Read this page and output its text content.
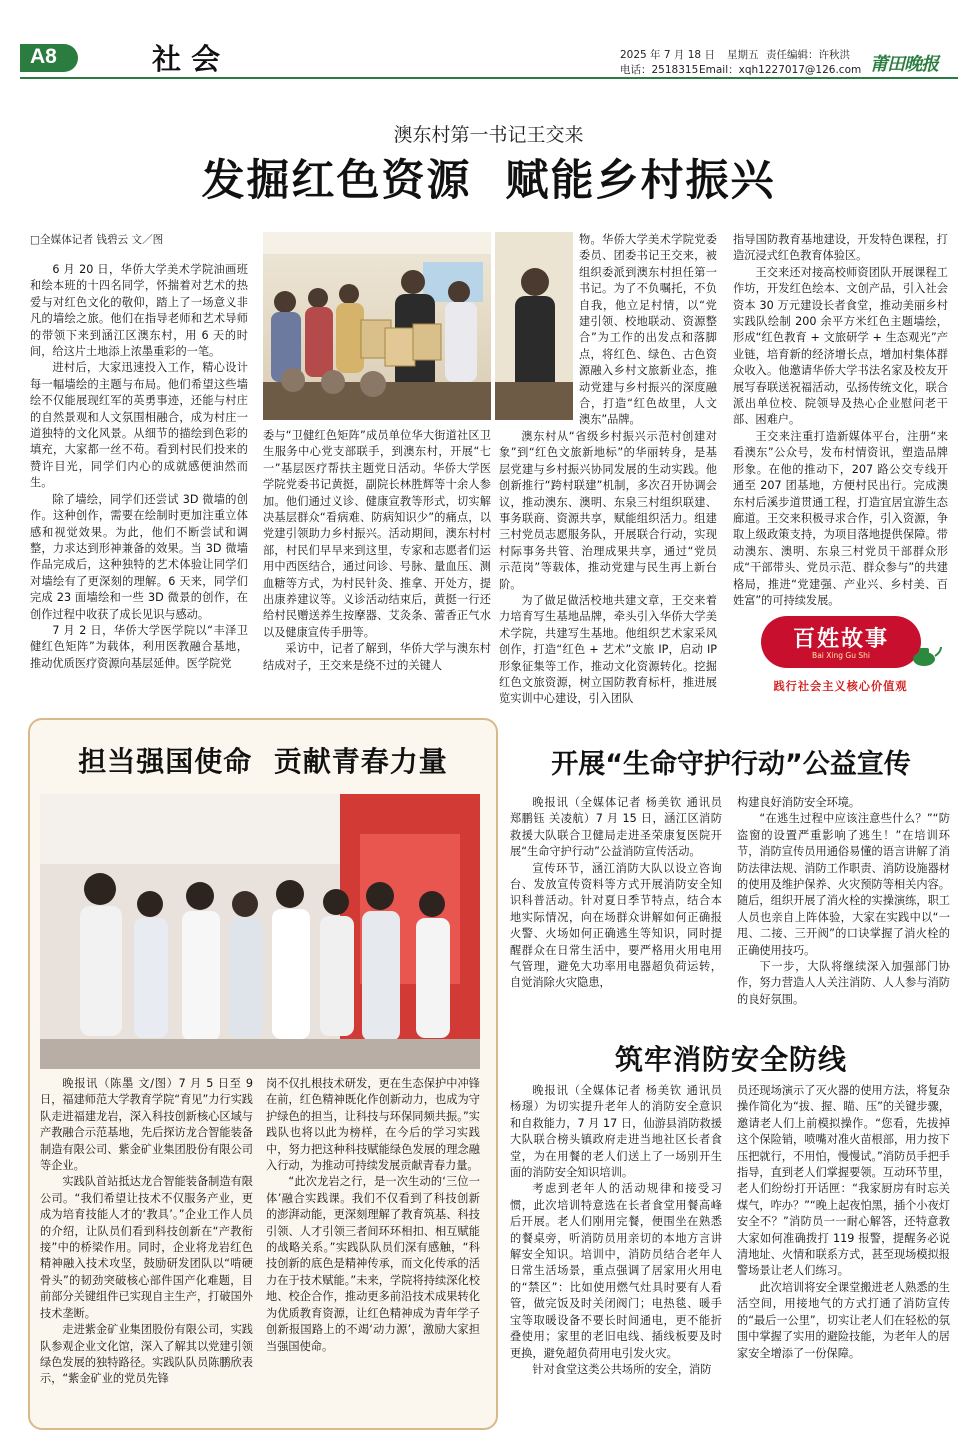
A8	社 会	2025 年 7 月 18 日 星期五 责任编辑：许秋洪
电话：2518315 Email：xqh1227017@126.com 莆田晚报
澳东村第一书记王交来
发掘红色资源  赋能乡村振兴
□全媒体记者 钱碧云 文／图

6 月 20 日，华侨大学美术学院油画班和绘本班的十四名同学，怀揣着对艺术的热爱与对红色文化的敬仰，踏上了一场意义非凡的墙绘之旅。他们在指导老师和艺术导师的带领下来到涵江区澳东村，用 6 天的时间，给这片土地添上浓墨重彩的一笔。

进村后，大家迅速投入工作，精心设计每一幅墙绘的主题与布局。他们希望这些墙绘不仅能展现红军的英勇事迹，还能与村庄的自然景观和人文氛围相融合，成为村庄一道独特的文化风景。从细节的描绘到色彩的填充，大家都一丝不苟。看到村民们投来的赞许目光，同学们内心的成就感便油然而生。

除了墙绘，同学们还尝试 3D 微墙的创作。这种创作，需要在绘制时更加注重立体感和视觉效果。为此，他们不断尝试和调整，力求达到形神兼备的效果。当 3D 微墙作品完成后，这种独特的艺术体验让同学们对墙绘有了更深刻的理解。6 天来，同学们完成 23 面墙绘和一些 3D 微景的创作，在创作过程中收获了成长见识与感动。

7 月 2 日，华侨大学医学院以“丰泽卫健红色矩阵”为载体，利用医教融合基地，推动优质医疗资源向基层延伸。医学院党

委与“卫健红色矩阵”成员单位华大街道社区卫生服务中心党支部联手，到澳东村，开展“七一”基层医疗帮扶主题党日活动。华侨大学医学院党委书记黄挺，副院长林胜辉等十余人参加。他们通过义诊、健康宣教等形式，切实解决基层群众“看病难、防病知识少”的痛点，以党建引领助力乡村振兴。活动期间，澳东村村部，村民们早早来到这里，专家和志愿者们运用中西医结合，通过问诊、号脉、量血压、测血糖等方式，为村民针灸、推拿、开处方，提出康养建议等。义诊活动结束后，黄挺一行还给村民赠送养生按摩器、艾灸条、蕾香正气水以及健康宣传手册等。

采访中，记者了解到，华侨大学与澳东村结成对子，王交来是绕不过的关键人

物。华侨大学美术学院党委委员、团委书记王交来，被组织委派到澳东村担任第一书记。为了不负嘱托，不负自我，他立足村情，以“党建引领、校地联动、资源整合”为工作的出发点和落脚点，将红色、绿色、古色资源融入乡村文旅新业态，推动党建与乡村振兴的深度融合，打造“红色故里，人文澳东”品牌。

澳东村从“省级乡村振兴示范村创建对象”到“红色文旅新地标”的华丽转身，是基层党建与乡村振兴协同发展的生动实践。他创新推行“跨村联建”机制，多次召开协调会议，推动澳东、澳明、东泉三村组织联建、事务联商、资源共享，赋能组织活力。组建三村党员志愿服务队，开展联合行动，实现村际事务共管、治理成果共享，通过“党员示范岗”等载体，推动党建与民生再上新台阶。

为了做足做活校地共建文章，王交来着力培育写生基地品牌，牵头引入华侨大学美术学院，共建写生基地。他组织艺术家采风创作，打造“红色 + 艺术”文旅 IP，启动 IP 形象征集等工作，推动文化资源转化。挖掘红色文旅资源，树立国防教育标杆，推进展览实训中心建设，引入团队

指导国防教育基地建设，开发特色课程，打造沉浸式红色教育体验区。

王交来还对接高校师资团队开展课程工作坊，开发红色绘本、文创产品，引入社会资本 30 万元建设长者食堂，推动美丽乡村实践队绘制 200 余平方米红色主题墙绘，形成“红色教育 + 文旅研学 + 生态观光”产业链，培育新的经济增长点，增加村集体群众收入。他邀请华侨大学书法名家及校友开展写春联送祝福活动，弘扬传统文化，联合派出单位校、院领导及热心企业慰问老干部、困难户。

王交来注重打造新媒体平台，注册“来看澳东”公众号，发布村情资讯，塑造品牌形象。在他的推动下，207 路公交专线开通至 207 团基地，方便村民出行。完成澳东村后溪步道贯通工程，打造宜居宜游生态廊道。王交来积极寻求合作，引入资源，争取上级政策支持，为项目落地提供保障。带动澳东、澳明、东泉三村党员干部群众形成“干部带头、党员示范、群众参与”的共建格局，推进“党建强、产业兴、乡村美、百姓富”的可持续发展。

百姓故事
Bai Xing Gu Shi
践行社会主义核心价值观
担当强国使命  贡献青春力量

晚报讯（陈墨 文/图）7 月 5 日至 9 日，福建师范大学教育学院“育见”力行实践队走进福建龙岩，深入科技创新核心区域与产教融合示范基地，先后探访龙合智能装备制造有限公司、紫金矿业集团股份有限公司等企业。

实践队首站抵达龙合智能装备制造有限公司。“我们希望让技术不仅服务产业，更成为培育技能人才的‘教具’。”企业工作人员的介绍，让队员们看到科技创新在“产教衔接”中的桥梁作用。同时，企业将龙岩红色精神融入技术攻坚，鼓励研发团队以“啃硬骨头”的韧劲突破核心部件国产化难题，目前部分关键组件已实现自主生产，打破国外技术垄断。

走进紫金矿业集团股份有限公司，实践队参观企业文化馆，深入了解其以党建引领绿色发展的独特路径。实践队队员陈鹏欣表示，“紫金矿业的党员先锋

岗不仅扎根技术研发，更在生态保护中冲锋在前，红色精神既化作创新动力，也成为守护绿色的担当，让科技与环保同频共振。”实践队也将以此为榜样，在今后的学习实践中，努力把这种科技赋能绿色发展的理念融入行动，为推动可持续发展贡献青春力量。

“此次龙岩之行，是一次生动的‘三位一体’融合实践课。我们不仅看到了科技创新的澎湃动能，更深刻理解了教育筑基、科技引领、人才引领三者间环环相扣、相互赋能的战略关系。”实践队队员们深有感触，“科技创新的底色是精神传承，而文化传承的活力在于技术赋能。”未来，学院将持续深化校地、校企合作，推动更多前沿技术成果转化为优质教育资源，让红色精神成为青年学子创新报国路上的不竭‘动力源’，激励大家担当强国使命。

开展“生命守护行动”公益宣传

晚报讯（全媒体记者 杨美钦 通讯员 郑鹏钰 关凌航）7 月 15 日，涵江区消防救援大队联合卫健局走进圣荣康复医院开展“生命守护行动”公益消防宣传活动。

宣传环节，涵江消防大队以设立咨询台、发放宣传资料等方式开展消防安全知识科普活动。针对夏日季节特点，结合本地实际情况，向在场群众讲解如何正确报火警、火场如何正确逃生等知识，同时提醒群众在日常生活中，要严格用火用电用气管理，避免大功率用电器超负荷运转，自觉消除火灾隐患，

构建良好消防安全环境。

“在逃生过程中应该注意些什么？”“防盗窗的设置严重影响了逃生！”在培训环节，消防宣传员用通俗易懂的语言讲解了消防法律法规、消防工作职责、消防设施器材的使用及维护保养、火灾预防等相关内容。随后，组织开展了消火栓的实操演练，职工人员也亲自上阵体验，大家在实践中以“一甩、二接、三开阀”的口诀掌握了消火栓的正确使用技巧。

下一步，大队将继续深入加强部门协作，努力营造人人关注消防、人人参与消防的良好氛围。

筑牢消防安全防线

晚报讯（全媒体记者 杨美钦 通讯员 杨璟）为切实提升老年人的消防安全意识和自救能力，7 月 17 日，仙游县消防救援大队联合榜头镇政府走进当地社区长者食堂，为在用餐的老人们送上了一场别开生面的消防安全知识培训。

考虑到老年人的活动规律和接受习惯，此次培训特意选在长者食堂用餐高峰后开展。老人们刚用完餐，便围坐在熟悉的餐桌旁，听消防员用亲切的本地方言讲解安全知识。培训中，消防员结合老年人日常生活场景，重点强调了居家用火用电的“禁区”：比如使用燃气灶具时要有人看管，做完饭及时关闭阀门；电热毯、暖手宝等取暖设备不要长时间通电，更不能折叠使用；家里的老旧电线、插线板要及时更换，避免超负荷用电引发火灾。

针对食堂这类公共场所的安全，消防

员还现场演示了灭火器的使用方法，将复杂操作简化为“拔、握、瞄、压”的关键步骤，邀请老人们上前模拟操作。“您看，先拔掉这个保险销，喷嘴对准火苗根部，用力按下压把就行，不用怕，慢慢试。”消防员手把手指导，直到老人们掌握要领。互动环节里，老人们纷纷打开话匣：“我家厨房有时忘关煤气，咋办？”“晚上起夜怕黑，插个小夜灯安全不？”消防员一一耐心解答，还特意教大家如何准确拨打 119 报警，提醒务必说清地址、火情和联系方式，甚至现场模拟报警场景让老人们练习。

此次培训将安全课堂搬进老人熟悉的生活空间，用接地气的方式打通了消防宣传的“最后一公里”，切实让老人们在轻松的氛围中掌握了实用的避险技能，为老年人的居家安全增添了一份保障。
